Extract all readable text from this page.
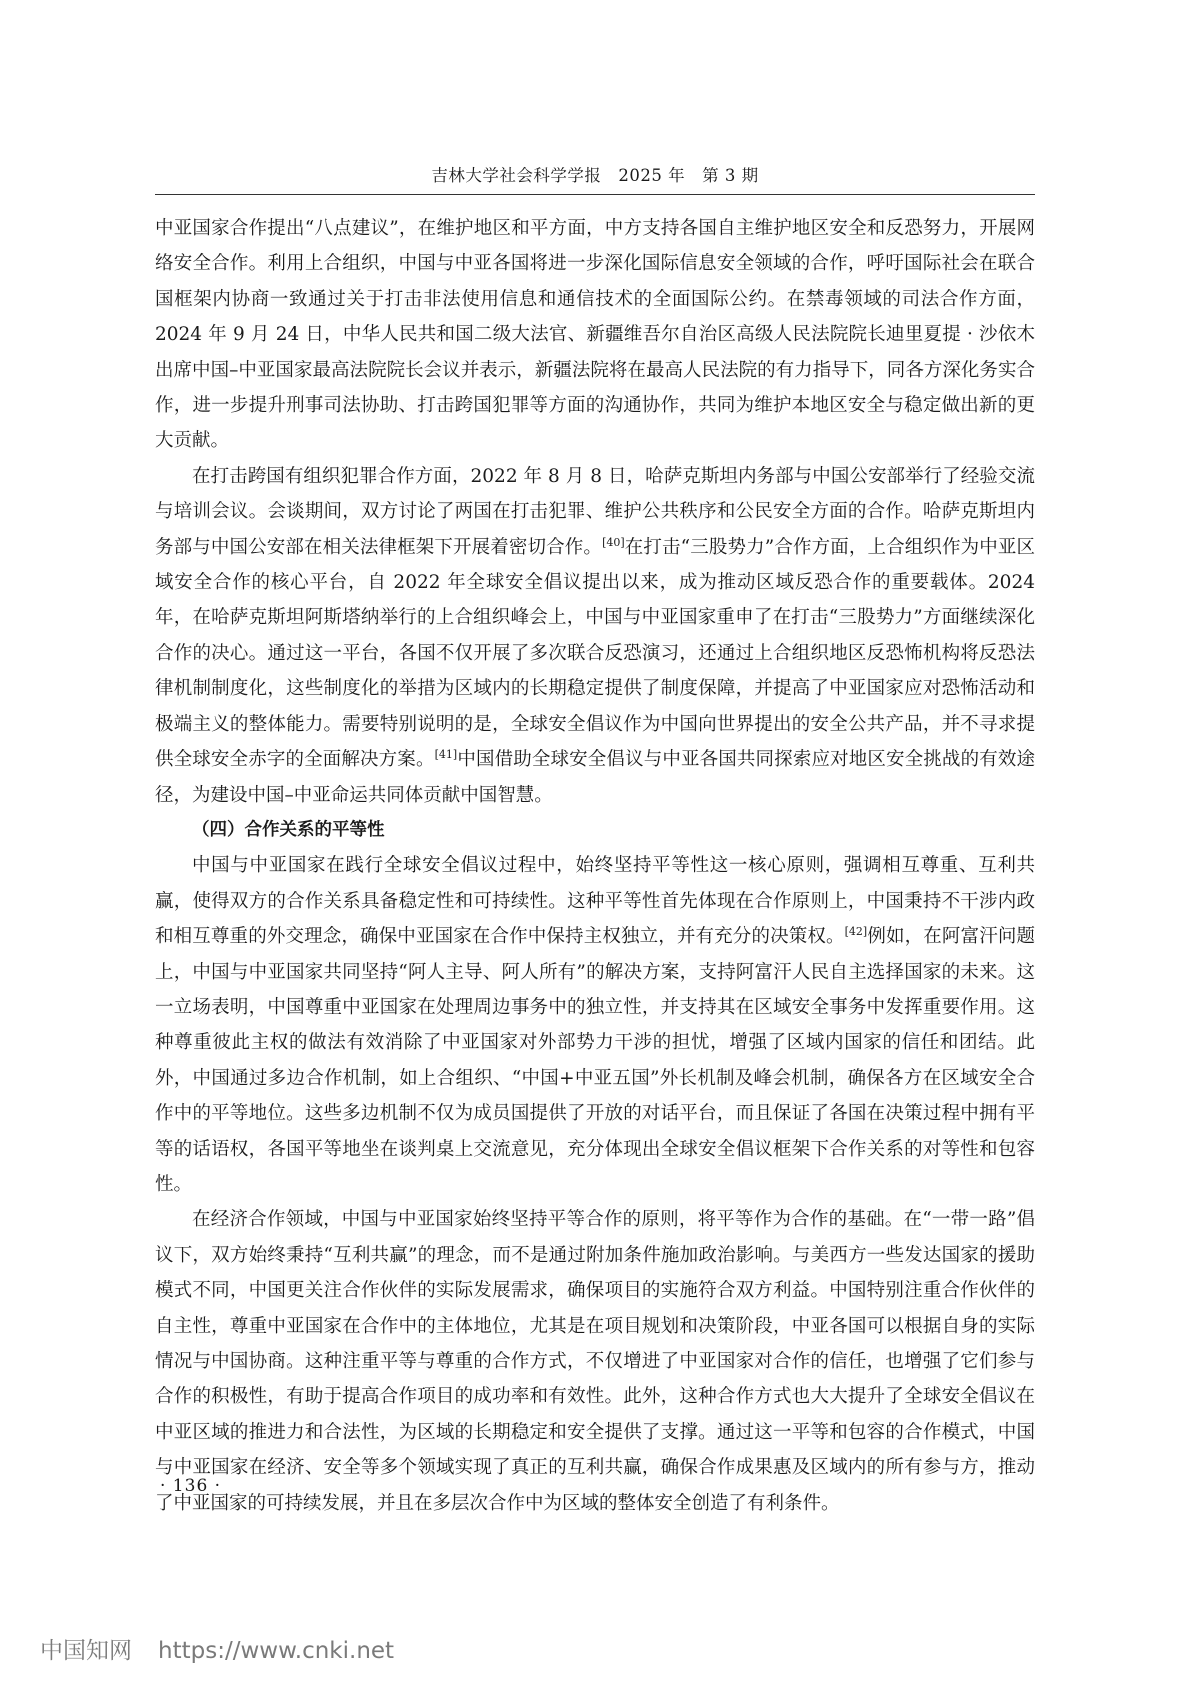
吉林大学社会科学学报　2025 年　第 3 期

中亚国家合作提出“八点建议”，在维护地区和平方面，中方支持各国自主维护地区安全和反恐努力，开展网络安全合作。利用上合组织，中国与中亚各国将进一步深化国际信息安全领域的合作，呼吁国际社会在联合国框架内协商一致通过关于打击非法使用信息和通信技术的全面国际公约。在禁毒领域的司法合作方面，2024 年 9 月 24 日，中华人民共和国二级大法官、新疆维吾尔自治区高级人民法院院长迪里夏提 · 沙依木出席中国–中亚国家最高法院院长会议并表示，新疆法院将在最高人民法院的有力指导下，同各方深化务实合作，进一步提升刑事司法协助、打击跨国犯罪等方面的沟通协作，共同为维护本地区安全与稳定做出新的更大贡献。

在打击跨国有组织犯罪合作方面，2022 年 8 月 8 日，哈萨克斯坦内务部与中国公安部举行了经验交流与培训会议。会谈期间，双方讨论了两国在打击犯罪、维护公共秩序和公民安全方面的合作。哈萨克斯坦内务部与中国公安部在相关法律框架下开展着密切合作。[40]在打击“三股势力”合作方面，上合组织作为中亚区域安全合作的核心平台，自 2022 年全球安全倡议提出以来，成为推动区域反恐合作的重要载体。2024 年，在哈萨克斯坦阿斯塔纳举行的上合组织峰会上，中国与中亚国家重申了在打击“三股势力”方面继续深化合作的决心。通过这一平台，各国不仅开展了多次联合反恐演习，还通过上合组织地区反恐怖机构将反恐法律机制制度化，这些制度化的举措为区域内的长期稳定提供了制度保障，并提高了中亚国家应对恐怖活动和极端主义的整体能力。需要特别说明的是，全球安全倡议作为中国向世界提出的安全公共产品，并不寻求提供全球安全赤字的全面解决方案。[41]中国借助全球安全倡议与中亚各国共同探索应对地区安全挑战的有效途径，为建设中国–中亚命运共同体贡献中国智慧。

（四）合作关系的平等性

中国与中亚国家在践行全球安全倡议过程中，始终坚持平等性这一核心原则，强调相互尊重、互利共赢，使得双方的合作关系具备稳定性和可持续性。这种平等性首先体现在合作原则上，中国秉持不干涉内政和相互尊重的外交理念，确保中亚国家在合作中保持主权独立，并有充分的决策权。[42]例如，在阿富汗问题上，中国与中亚国家共同坚持“阿人主导、阿人所有”的解决方案，支持阿富汗人民自主选择国家的未来。这一立场表明，中国尊重中亚国家在处理周边事务中的独立性，并支持其在区域安全事务中发挥重要作用。这种尊重彼此主权的做法有效消除了中亚国家对外部势力干涉的担忧，增强了区域内国家的信任和团结。此外，中国通过多边合作机制，如上合组织、“中国+中亚五国”外长机制及峰会机制，确保各方在区域安全合作中的平等地位。这些多边机制不仅为成员国提供了开放的对话平台，而且保证了各国在决策过程中拥有平等的话语权，各国平等地坐在谈判桌上交流意见，充分体现出全球安全倡议框架下合作关系的对等性和包容性。

在经济合作领域，中国与中亚国家始终坚持平等合作的原则，将平等作为合作的基础。在“一带一路”倡议下，双方始终秉持“互利共赢”的理念，而不是通过附加条件施加政治影响。与美西方一些发达国家的援助模式不同，中国更关注合作伙伴的实际发展需求，确保项目的实施符合双方利益。中国特别注重合作伙伴的自主性，尊重中亚国家在合作中的主体地位，尤其是在项目规划和决策阶段，中亚各国可以根据自身的实际情况与中国协商。这种注重平等与尊重的合作方式，不仅增进了中亚国家对合作的信任，也增强了它们参与合作的积极性，有助于提高合作项目的成功率和有效性。此外，这种合作方式也大大提升了全球安全倡议在中亚区域的推进力和合法性，为区域的长期稳定和安全提供了支撑。通过这一平等和包容的合作模式，中国与中亚国家在经济、安全等多个领域实现了真正的互利共赢，确保合作成果惠及区域内的所有参与方，推动了中亚国家的可持续发展，并且在多层次合作中为区域的整体安全创造了有利条件。

· 136 ·
中国知网 https://www.cnki.net
